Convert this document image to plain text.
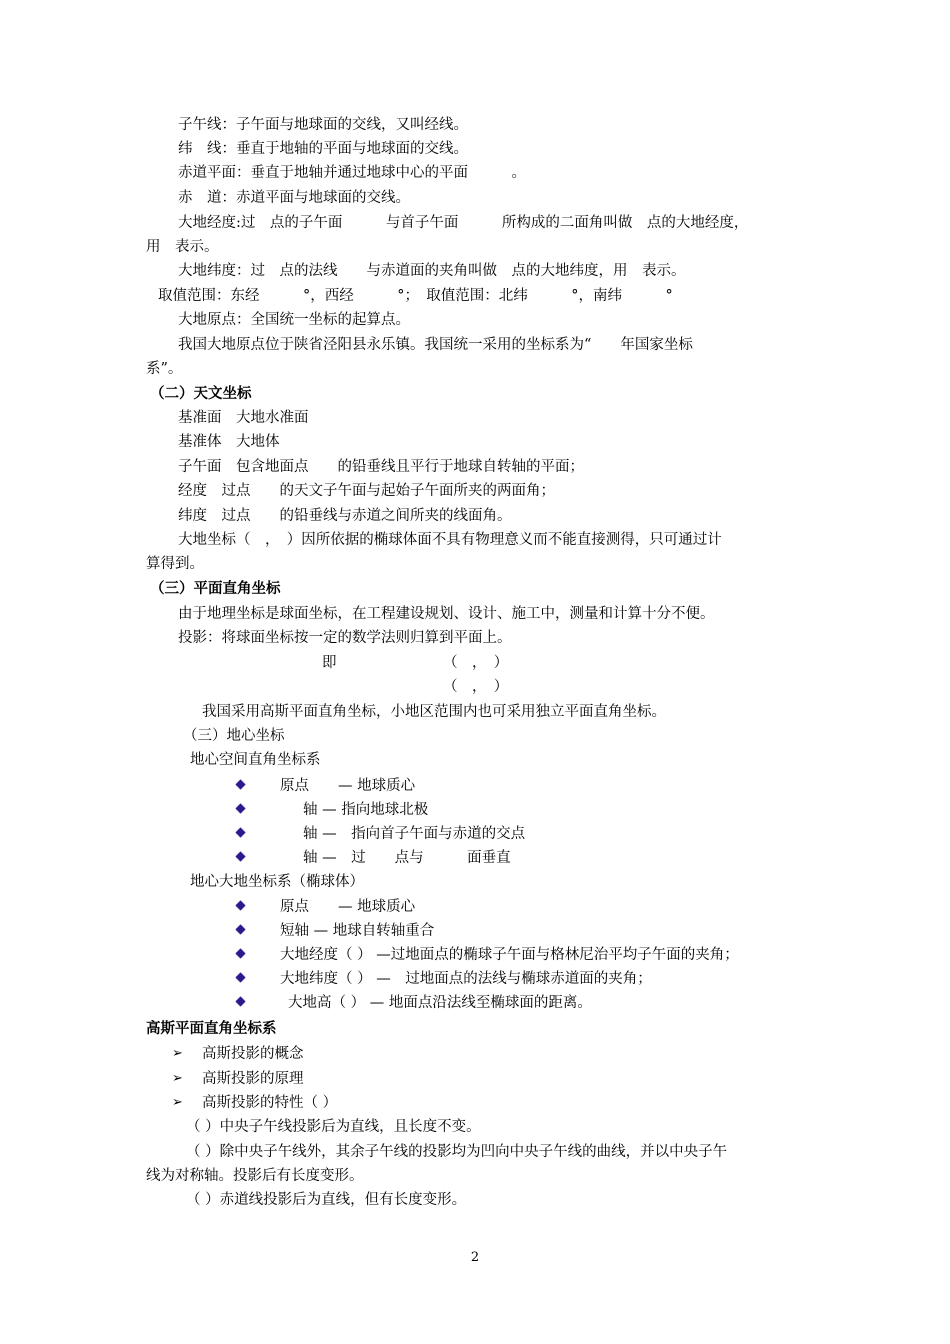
子午线：子午面与地球面的交线，又叫经线。
纬　线：垂直于地轴的平面与地球面的交线。
赤道平面：垂直于地轴并通过地球中心的平面　　　。
赤　道：赤道平面与地球面的交线。
大地经度:过　点的子午面　　　与首子午面　　　所构成的二面角叫做　点的大地经度，
用　表示。
大地纬度：过　点的法线　　与赤道面的夹角叫做　点的大地纬度，用　表示。
取值范围：东经　　　°，西经　　　°；　取值范围：北纬　　　°，南纬　　　°
大地原点：全国统一坐标的起算点。
我国大地原点位于陕省泾阳县永乐镇。我国统一采用的坐标系为“　　年国家坐标
系”。
（二）天文坐标
基准面　大地水准面
基准体　大地体
子午面　包含地面点　　的铅垂线且平行于地球自转轴的平面；
经度　过点　　的天文子午面与起始子午面所夹的两面角；
纬度　过点　　的铅垂线与赤道之间所夹的线面角。
大地坐标（　，　）因所依据的椭球体面不具有物理意义而不能直接测得，只可通过计
算得到。
（三）平面直角坐标
由于地理坐标是球面坐标，在工程建设规划、设计、施工中，测量和计算十分不便。
投影：将球面坐标按一定的数学法则归算到平面上。
即	（　，　）
（　，　）
我国采用高斯平面直角坐标，小地区范围内也可采用独立平面直角坐标。
（三）地心坐标
地心空间直角坐标系
原点　　— 地球质心
轴 — 指向地球北极
轴 —　指向首子午面与赤道的交点
轴 —　过　　点与　　　面垂直
地心大地坐标系（椭球体）
原点　　— 地球质心
短轴 — 地球自转轴重合
大地经度（ ） —过地面点的椭球子午面与格林尼治平均子午面的夹角；
大地纬度（ ） —　过地面点的法线与椭球赤道面的夹角；
大地高（ ） — 地面点沿法线至椭球面的距离。
高斯平面直角坐标系
➢ 高斯投影的概念
➢ 高斯投影的原理
➢ 高斯投影的特性（ ）
（ ）中央子午线投影后为直线，且长度不变。
（ ）除中央子午线外，其余子午线的投影均为凹向中央子午线的曲线，并以中央子午
线为对称轴。投影后有长度变形。
（ ）赤道线投影后为直线，但有长度变形。
2
